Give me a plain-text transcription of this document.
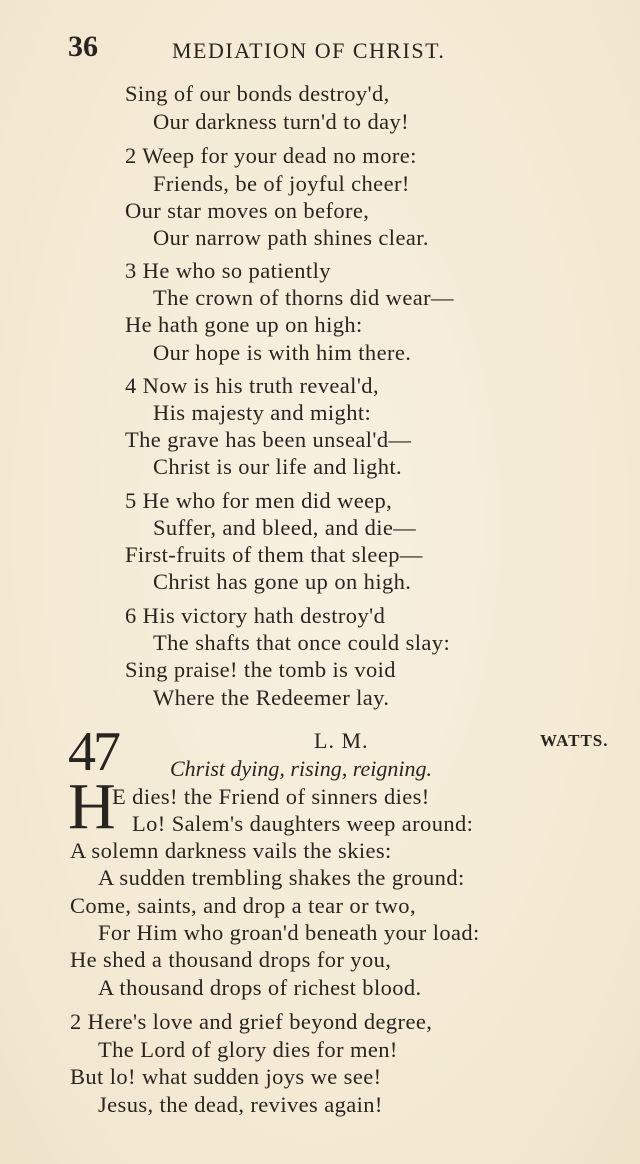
36	MEDIATION OF CHRIST.
Sing of our bonds destroy'd,
Our darkness turn'd to day!
2 Weep for your dead no more:
Friends, be of joyful cheer!
Our star moves on before,
Our narrow path shines clear.
3 He who so patiently
The crown of thorns did wear—
He hath gone up on high:
Our hope is with him there.
4 Now is his truth reveal'd,
His majesty and might:
The grave has been unseal'd—
Christ is our life and light.
5 He who for men did weep,
Suffer, and bleed, and die—
First-fruits of them that sleep—
Christ has gone up on high.
6 His victory hath destroy'd
The shafts that once could slay:
Sing praise! the tomb is void
Where the Redeemer lay.
47	L. M.	WATTS.
Christ dying, rising, reigning.
H
E dies! the Friend of sinners dies!
Lo! Salem's daughters weep around:
A solemn darkness vails the skies:
A sudden trembling shakes the ground:
Come, saints, and drop a tear or two,
For Him who groan'd beneath your load:
He shed a thousand drops for you,
A thousand drops of richest blood.
2 Here's love and grief beyond degree,
The Lord of glory dies for men!
But lo! what sudden joys we see!
Jesus, the dead, revives again!
